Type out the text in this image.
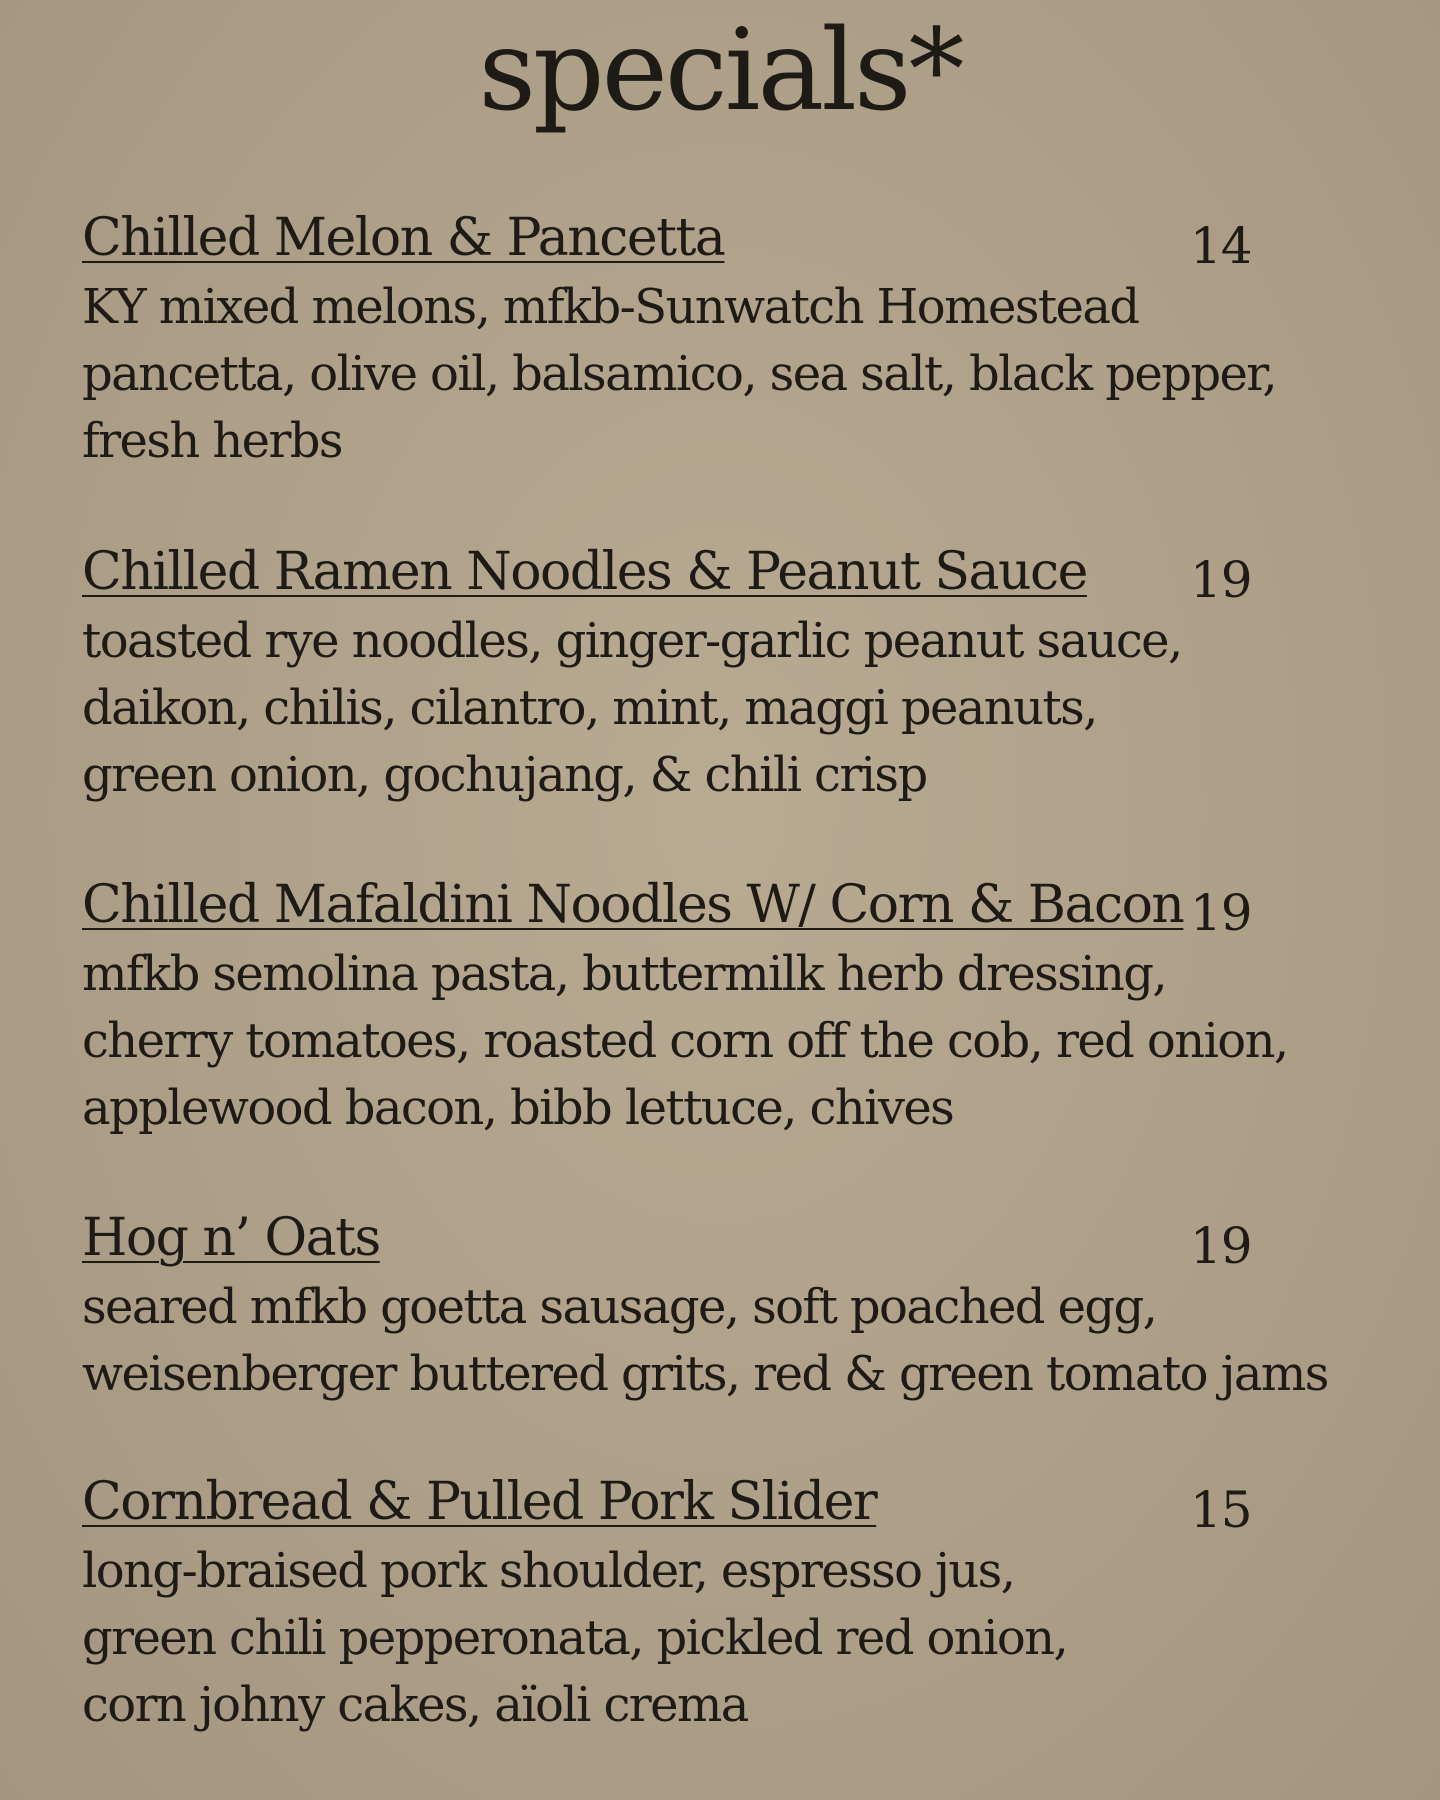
specials*
Chilled Melon & Pancetta	14

KY mixed melons, mfkb-Sunwatch Homestead
pancetta, olive oil, balsamico, sea salt, black pepper,
fresh herbs

Chilled Ramen Noodles & Peanut Sauce 19

toasted rye noodles, ginger-garlic peanut sauce,
daikon, chilis, cilantro, mint, maggi peanuts,
green onion, gochujang, & chili crisp

Chilled Mafaldini Noodles W/ Corn & Bacon 19

mfkb semolina pasta, buttermilk herb dressing,
cherry tomatoes, roasted corn off the cob, red onion,
applewood bacon, bibb lettuce, chives

Hog n’ Oats	19

seared mfkb goetta sausage, soft poached egg,
weisenberger buttered grits, red & green tomato jams

Cornbread & Pulled Pork Slider	15

long-braised pork shoulder, espresso jus,
green chili pepperonata, pickled red onion,
corn johny cakes, aïoli crema
